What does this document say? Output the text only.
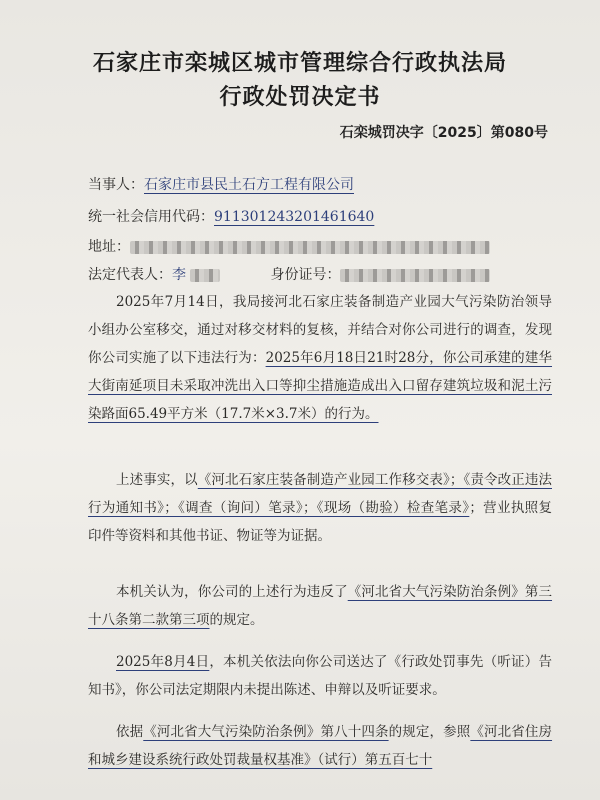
石家庄市栾城区城市管理综合行政执法局
行政处罚决定书
石栾城罚决字〔2025〕第080号
当事人：石家庄市县民土石方工程有限公司
统一社会信用代码：911301243201461640
地址：
法定代表人：李	身份证号：

2025年7月14日，我局接河北石家庄装备制造产业园大气污染防治领导小组办公室移交，通过对移交材料的复核，并结合对你公司进行的调查，发现你公司实施了以下违法行为：2025年6月18日21时28分，你公司承建的建华大街南延项目未采取冲洗出入口等抑尘措施造成出入口留存建筑垃圾和泥土污染路面65.49平方米（17.7米×3.7米）的行为。

上述事实，以《河北石家庄装备制造产业园工作移交表》；《责令改正违法行为通知书》；《调查（询问）笔录》；《现场（勘验）检查笔录》；营业执照复印件等资料和其他书证、物证等为证据。

本机关认为，你公司的上述行为违反了《河北省大气污染防治条例》第三十八条第二款第三项的规定。

2025年8月4日，本机关依法向你公司送达了《行政处罚事先（听证）告知书》，你公司法定期限内未提出陈述、申辩以及听证要求。

依据《河北省大气污染防治条例》第八十四条的规定，参照《河北省住房和城乡建设系统行政处罚裁量权基准》（试行）第五百七十
